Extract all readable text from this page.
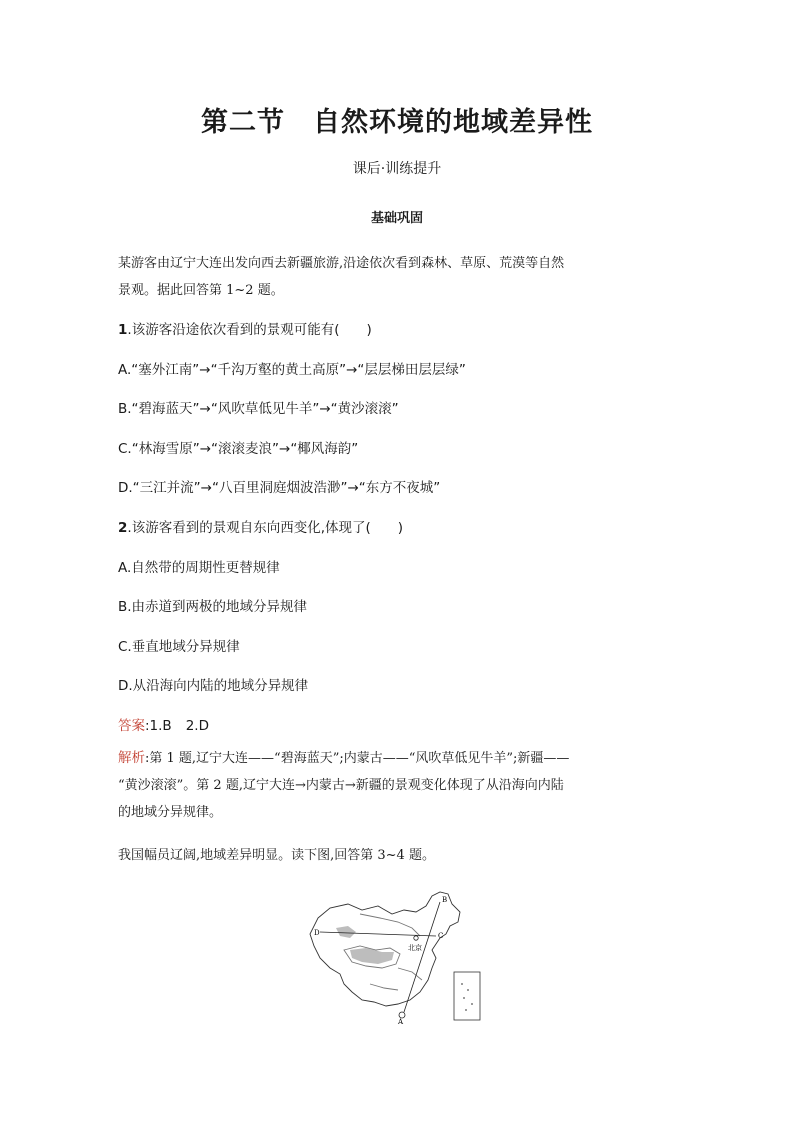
第二节　自然环境的地域差异性
课后·训练提升
基础巩固
某游客由辽宁大连出发向西去新疆旅游,沿途依次看到森林、草原、荒漠等自然
景观。据此回答第 1~2 题。
1.该游客沿途依次看到的景观可能有(　　)
A.“塞外江南”→“千沟万壑的黄土高原”→“层层梯田层层绿”
B.“碧海蓝天”→“风吹草低见牛羊”→“黄沙滚滚”
C.“林海雪原”→“滚滚麦浪”→“椰风海韵”
D.“三江并流”→“八百里洞庭烟波浩渺”→“东方不夜城”
2.该游客看到的景观自东向西变化,体现了(　　)
A.自然带的周期性更替规律
B.由赤道到两极的地域分异规律
C.垂直地域分异规律
D.从沿海向内陆的地域分异规律
答案:1.B 2.D
解析:第 1 题,辽宁大连——“碧海蓝天”;内蒙古——“风吹草低见牛羊”;新疆——
“黄沙滚滚”。第 2 题,辽宁大连→内蒙古→新疆的景观变化体现了从沿海向内陆
的地域分异规律。
我国幅员辽阔,地域差异明显。读下图,回答第 3~4 题。
D	C
B
A
北京
